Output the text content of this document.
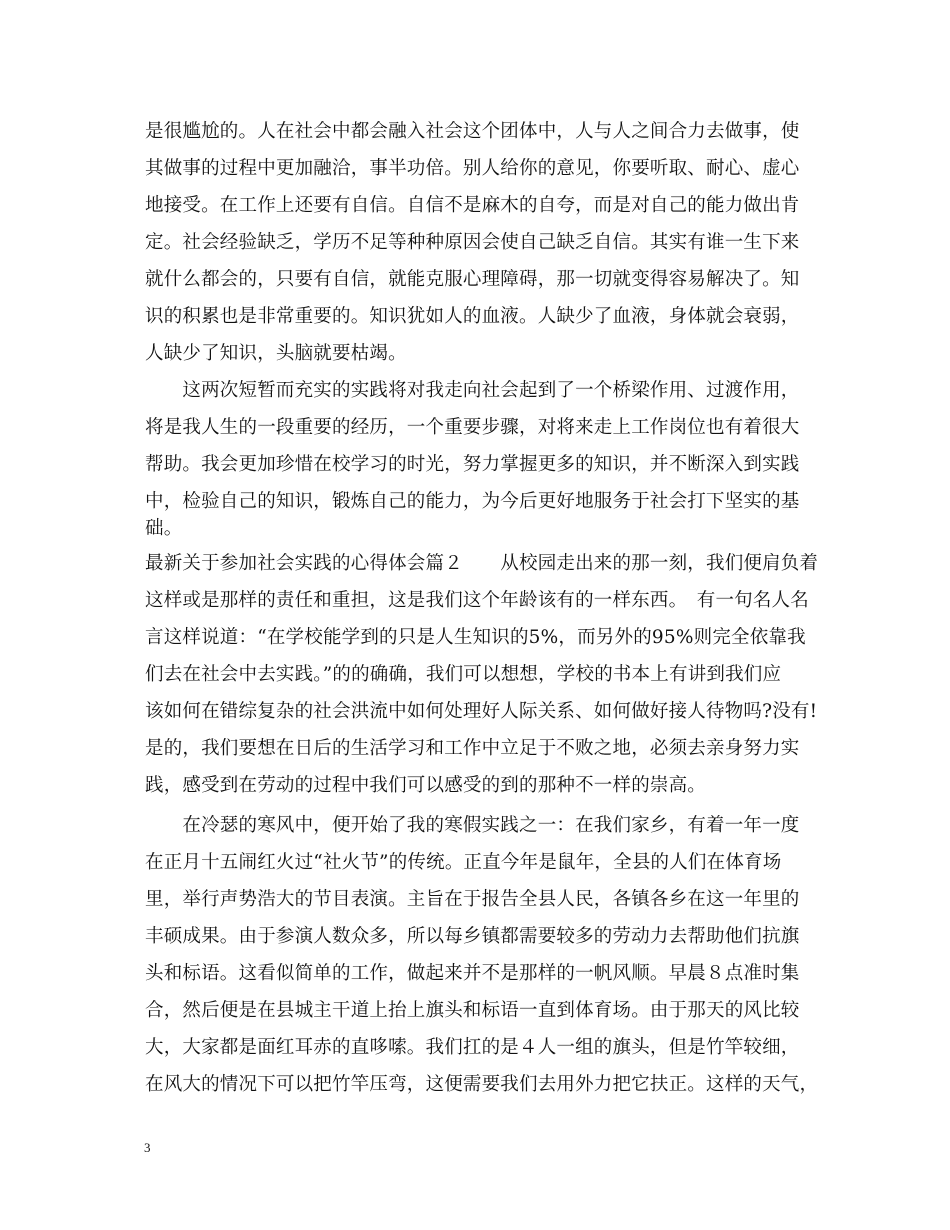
是很尴尬的。人在社会中都会融入社会这个团体中，人与人之间合力去做事，使
其做事的过程中更加融洽，事半功倍。别人给你的意见，你要听取、耐心、虚心
地接受。在工作上还要有自信。自信不是麻木的自夸，而是对自己的能力做出肯
定。社会经验缺乏，学历不足等种种原因会使自己缺乏自信。其实有谁一生下来
就什么都会的，只要有自信，就能克服心理障碍，那一切就变得容易解决了。知
识的积累也是非常重要的。知识犹如人的血液。人缺少了血液，身体就会衰弱，
人缺少了知识，头脑就要枯竭。
　　这两次短暂而充实的实践将对我走向社会起到了一个桥梁作用、过渡作用，
将是我人生的一段重要的经历，一个重要步骤，对将来走上工作岗位也有着很大
帮助。我会更加珍惜在校学习的时光，努力掌握更多的知识，并不断深入到实践
中，检验自己的知识，锻炼自己的能力，为今后更好地服务于社会打下坚实的基
础。
最新关于参加社会实践的心得体会篇２　　从校园走出来的那一刻，我们便肩负着
这样或是那样的责任和重担，这是我们这个年龄该有的一样东西。　有一句名人名
言这样说道：“在学校能学到的只是人生知识的5%，而另外的95%则完全依靠我
们去在社会中去实践。”的的确确，我们可以想想，学校的书本上有讲到我们应
该如何在错综复杂的社会洪流中如何处理好人际关系、如何做好接人待物吗?没有!
是的，我们要想在日后的生活学习和工作中立足于不败之地，必须去亲身努力实
践，感受到在劳动的过程中我们可以感受的到的那种不一样的崇高。
　　在冷瑟的寒风中，便开始了我的寒假实践之一：在我们家乡，有着一年一度
在正月十五闹红火过“社火节”的传统。正直今年是鼠年，全县的人们在体育场
里，举行声势浩大的节目表演。主旨在于报告全县人民，各镇各乡在这一年里的
丰硕成果。由于参演人数众多，所以每乡镇都需要较多的劳动力去帮助他们抗旗
头和标语。这看似简单的工作，做起来并不是那样的一帆风顺。早晨８点准时集
合，然后便是在县城主干道上抬上旗头和标语一直到体育场。由于那天的风比较
大，大家都是面红耳赤的直哆嗦。我们扛的是４人一组的旗头，但是竹竿较细，
在风大的情况下可以把竹竿压弯，这便需要我们去用外力把它扶正。这样的天气，
3
